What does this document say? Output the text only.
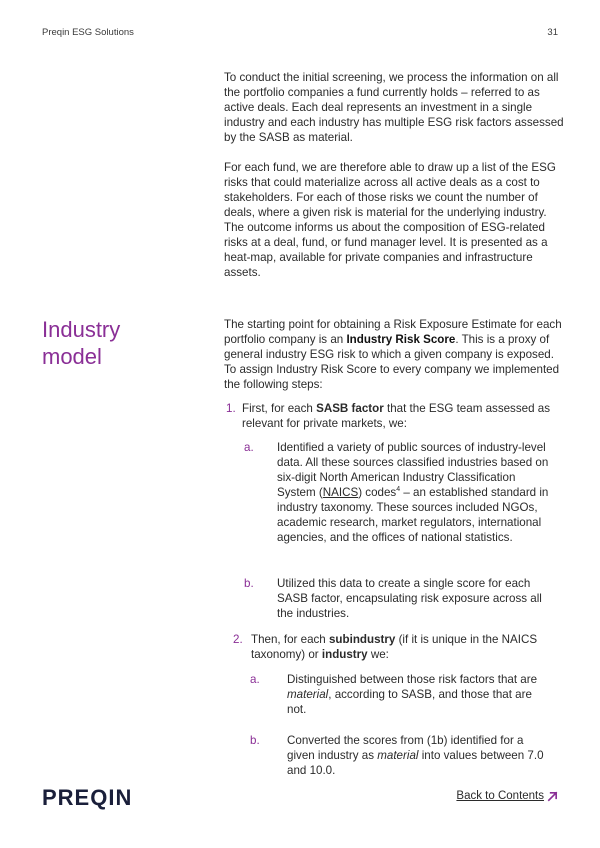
Preqin ESG Solutions	31
To conduct the initial screening, we process the information on all the portfolio companies a fund currently holds – referred to as active deals. Each deal represents an investment in a single industry and each industry has multiple ESG risk factors assessed by the SASB as material.
For each fund, we are therefore able to draw up a list of the ESG risks that could materialize across all active deals as a cost to stakeholders. For each of those risks we count the number of deals, where a given risk is material for the underlying industry. The outcome informs us about the composition of ESG-related risks at a deal, fund, or fund manager level. It is presented as a heat-map, available for private companies and infrastructure assets.
Industry
model
The starting point for obtaining a Risk Exposure Estimate for each portfolio company is an Industry Risk Score. This is a proxy of general industry ESG risk to which a given company is exposed. To assign Industry Risk Score to every company we implemented the following steps:
1. First, for each SASB factor that the ESG team assessed as relevant for private markets, we:
a. Identified a variety of public sources of industry-level data. All these sources classified industries based on six-digit North American Industry Classification System (NAICS) codes$^4$ – an established standard in industry taxonomy. These sources included NGOs, academic research, market regulators, international agencies, and the offices of national statistics.
b. Utilized this data to create a single score for each SASB factor, encapsulating risk exposure across all the industries.
2. Then, for each subindustry (if it is unique in the NAICS taxonomy) or industry we:
a. Distinguished between those risk factors that are material, according to SASB, and those that are not.
b. Converted the scores from (1b) identified for a given industry as material into values between 7.0 and 10.0.
PREQIN	Back to Contents
